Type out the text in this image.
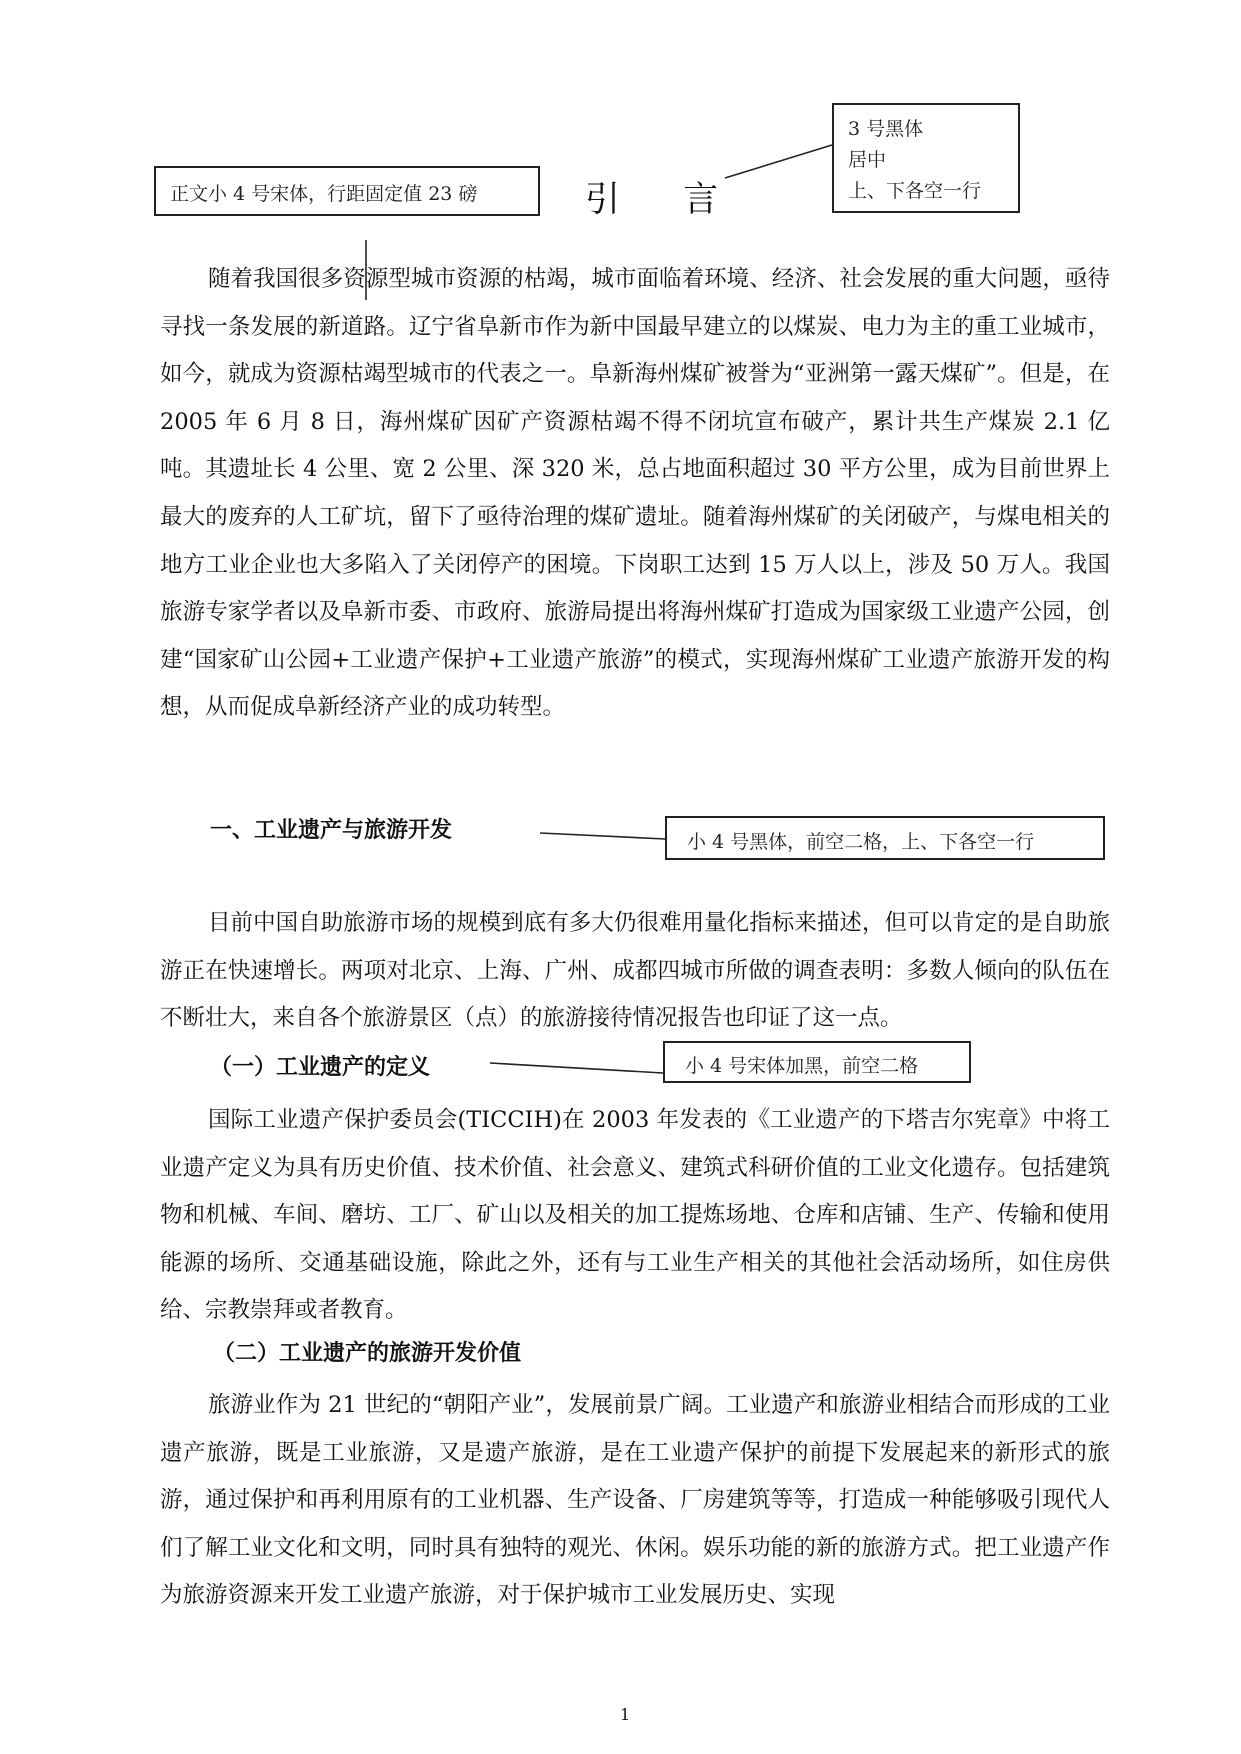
正文小 4 号宋体，行距固定值 23 磅	引 言
3 号黑体
居中
上、下各空一行

随着我国很多资源型城市资源的枯竭，城市面临着环境、经济、社会发展的重大问题，亟待寻找一条发展的新道路。辽宁省阜新市作为新中国最早建立的以煤炭、电力为主的重工业城市，如今，就成为资源枯竭型城市的代表之一。阜新海州煤矿被誉为“亚洲第一露天煤矿”。但是，在 2005 年 6 月 8 日，海州煤矿因矿产资源枯竭不得不闭坑宣布破产，累计共生产煤炭 2.1 亿吨。其遗址长 4 公里、宽 2 公里、深 320 米，总占地面积超过 30 平方公里，成为目前世界上最大的废弃的人工矿坑，留下了亟待治理的煤矿遗址。随着海州煤矿的关闭破产，与煤电相关的地方工业企业也大多陷入了关闭停产的困境。下岗职工达到 15 万人以上，涉及 50 万人。我国旅游专家学者以及阜新市委、市政府、旅游局提出将海州煤矿打造成为国家级工业遗产公园，创建“国家矿山公园+工业遗产保护+工业遗产旅游”的模式，实现海州煤矿工业遗产旅游开发的构想，从而促成阜新经济产业的成功转型。

一、工业遗产与旅游开发	小 4 号黑体，前空二格，上、下各空一行

目前中国自助旅游市场的规模到底有多大仍很难用量化指标来描述，但可以肯定的是自助旅游正在快速增长。两项对北京、上海、广州、成都四城市所做的调查表明：多数人倾向的队伍在不断壮大，来自各个旅游景区（点）的旅游接待情况报告也印证了这一点。

（一）工业遗产的定义	小 4 号宋体加黑，前空二格

国际工业遗产保护委员会(TICCIH)在 2003 年发表的《工业遗产的下塔吉尔宪章》中将工业遗产定义为具有历史价值、技术价值、社会意义、建筑式科研价值的工业文化遗存。包括建筑物和机械、车间、磨坊、工厂、矿山以及相关的加工提炼场地、仓库和店铺、生产、传输和使用能源的场所、交通基础设施，除此之外，还有与工业生产相关的其他社会活动场所，如住房供给、宗教崇拜或者教育。

（二）工业遗产的旅游开发价值

旅游业作为 21 世纪的“朝阳产业”，发展前景广阔。工业遗产和旅游业相结合而形成的工业遗产旅游，既是工业旅游，又是遗产旅游，是在工业遗产保护的前提下发展起来的新形式的旅游，通过保护和再利用原有的工业机器、生产设备、厂房建筑等等，打造成一种能够吸引现代人们了解工业文化和文明，同时具有独特的观光、休闲。娱乐功能的新的旅游方式。把工业遗产作为旅游资源来开发工业遗产旅游，对于保护城市工业发展历史、实现

1
